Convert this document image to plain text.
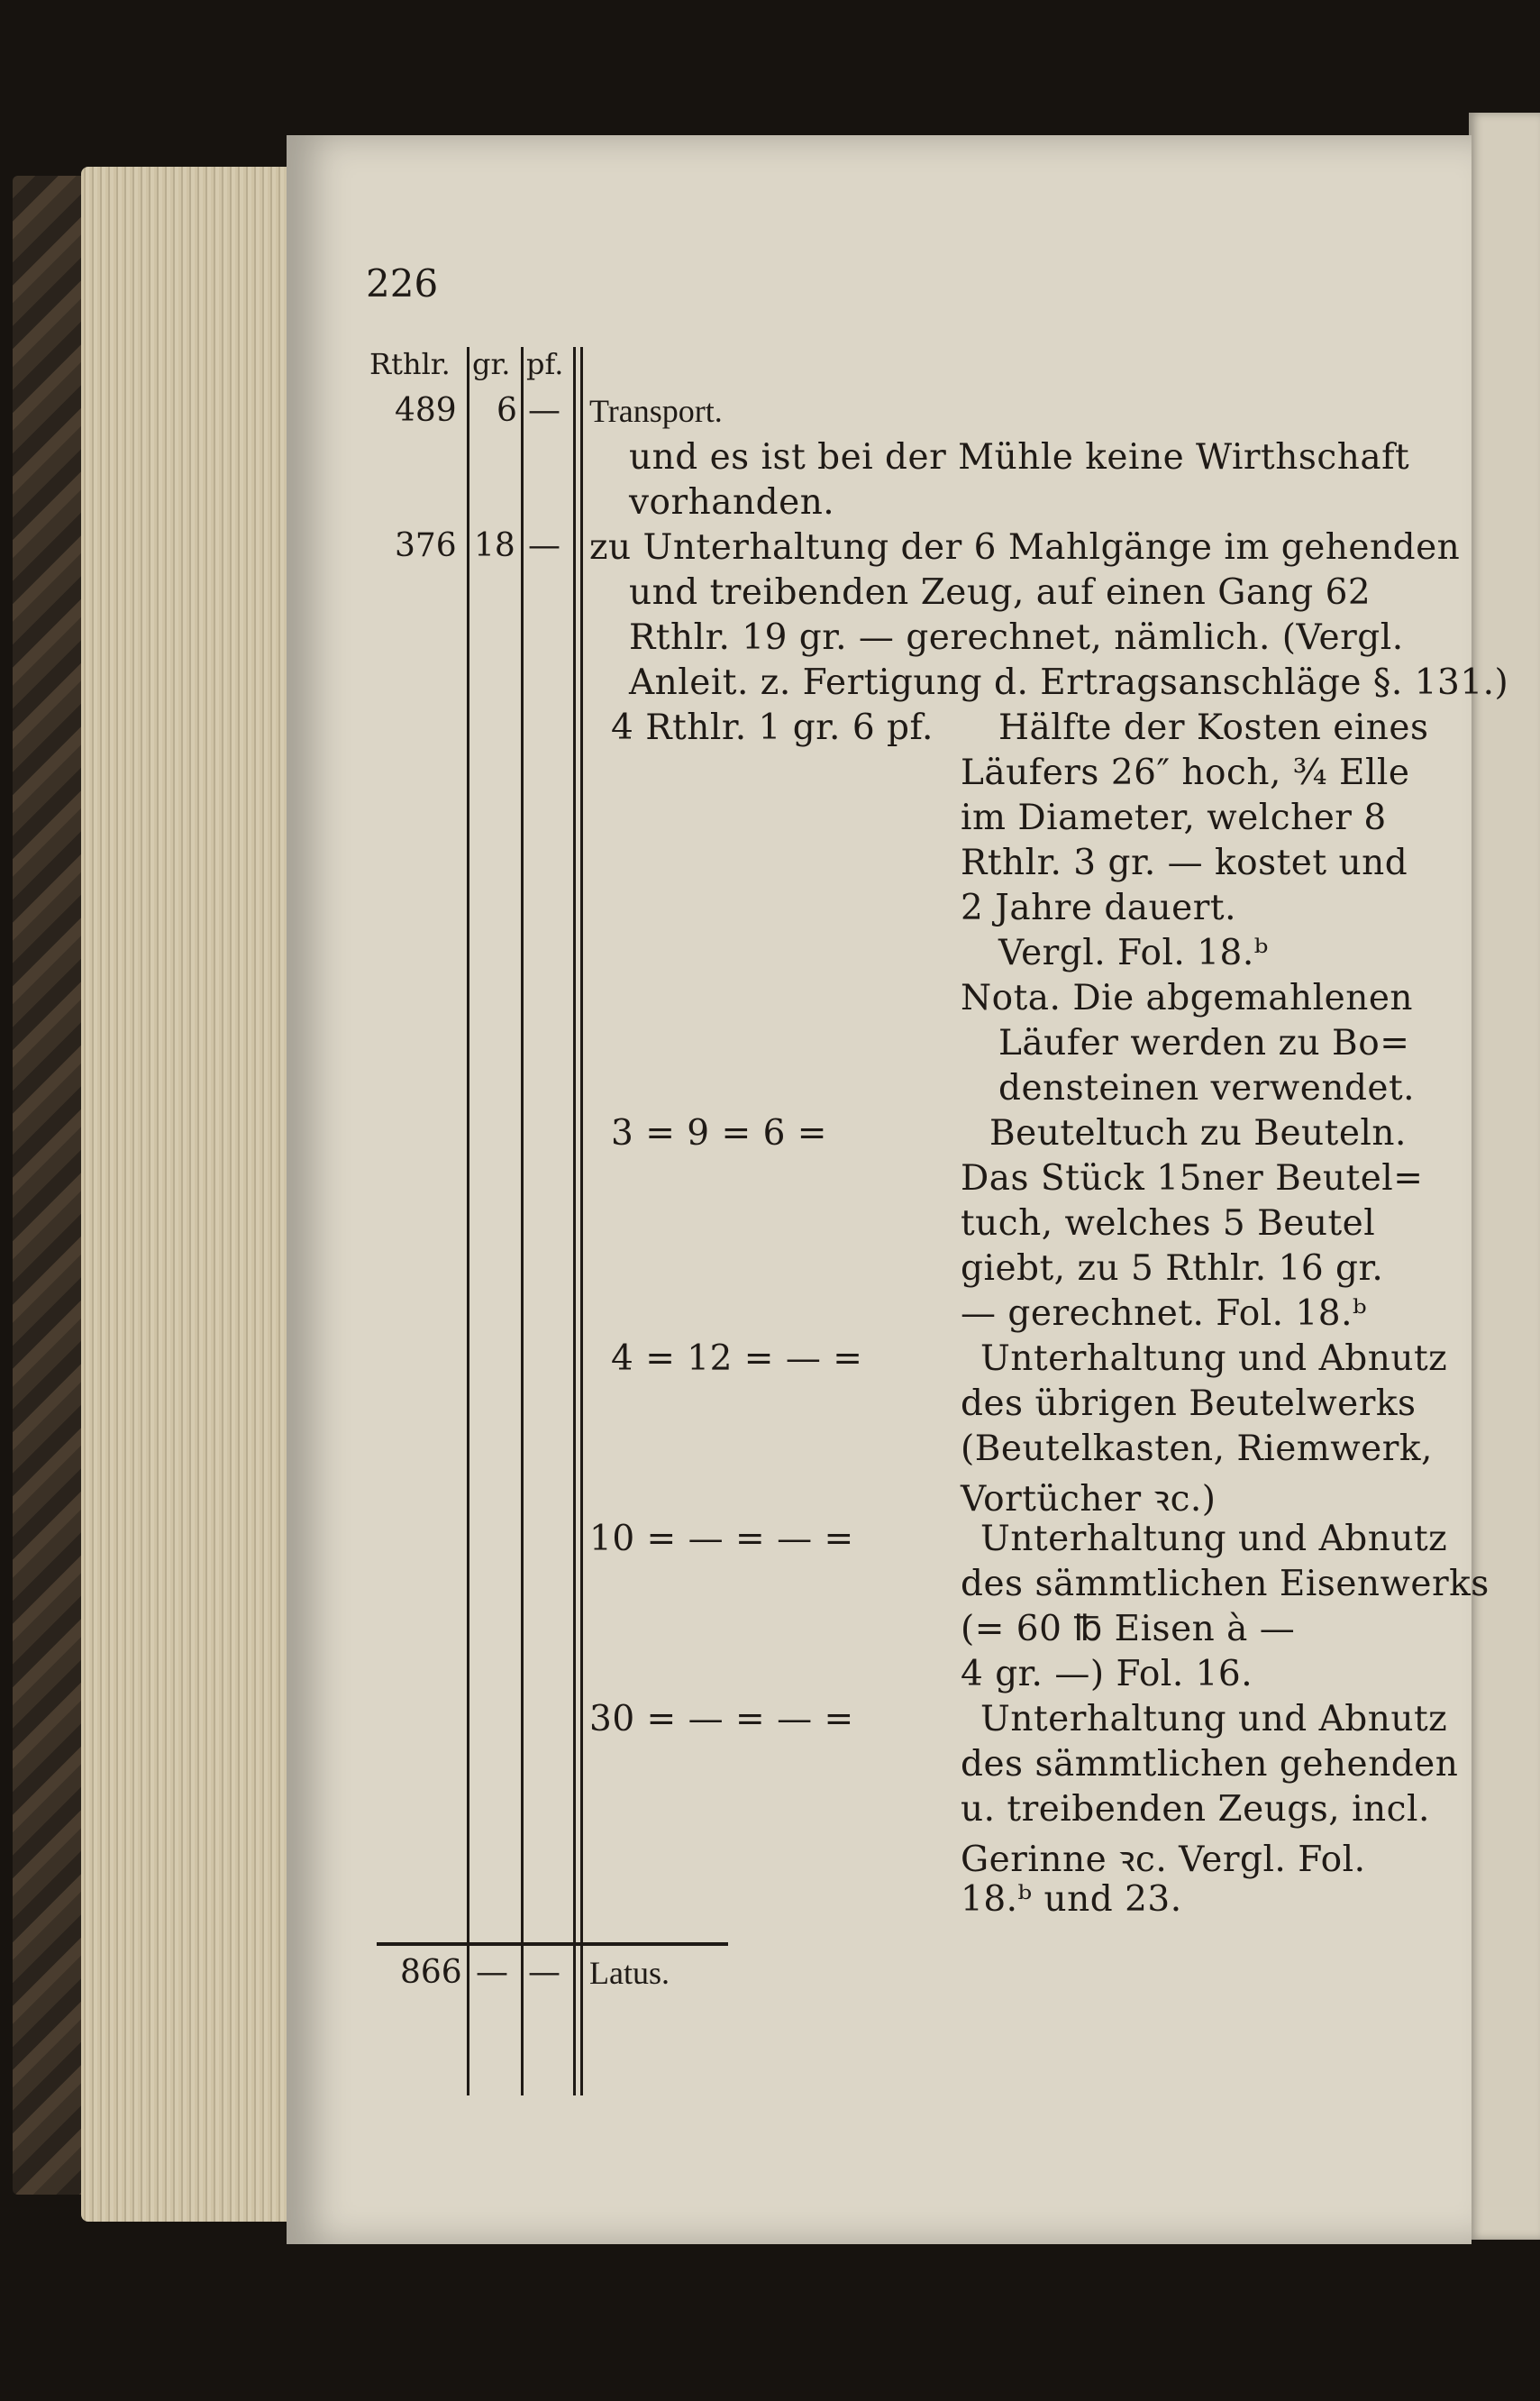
226
Rthlr. gr. pf.
489 6 — Transport.
und es ist bei der Mühle keine Wirthschaft
vorhanden.
376 18 — zu Unterhaltung der 6 Mahlgänge im gehenden
und treibenden Zeug, auf einen Gang 62
Rthlr. 19 gr. — gerechnet, nämlich. (Vergl.
Anleit. z. Fertigung d. Ertragsanschläge §. 131.)
4 Rthlr. 1 gr. 6 pf. Hälfte der Kosten eines
Läufers 26″ hoch, ¾ Elle
im Diameter, welcher 8
Rthlr. 3 gr. — kostet und
2 Jahre dauert.
Vergl. Fol. 18.ᵇ
Nota. Die abgemahlenen
Läufer werden zu Bo=
densteinen verwendet.
3 = 9 = 6 =	Beuteltuch zu Beuteln.
Das Stück 15ner Beutel=
tuch, welches 5 Beutel
giebt, zu 5 Rthlr. 16 gr.
— gerechnet. Fol. 18.ᵇ
4 = 12 = — =	Unterhaltung und Abnutz
des übrigen Beutelwerks
(Beutelkasten, Riemwerk,
Vortücher ꝛc.)
10 = — = — =	Unterhaltung und Abnutz
des sämmtlichen Eisenwerks
(= 60 ℔ Eisen à —
4 gr. —) Fol. 16.
30 = — = — =	Unterhaltung und Abnutz
des sämmtlichen gehenden
u. treibenden Zeugs, incl.
Gerinne ꝛc. Vergl. Fol.
18.ᵇ und 23.
866 — — Latus.
